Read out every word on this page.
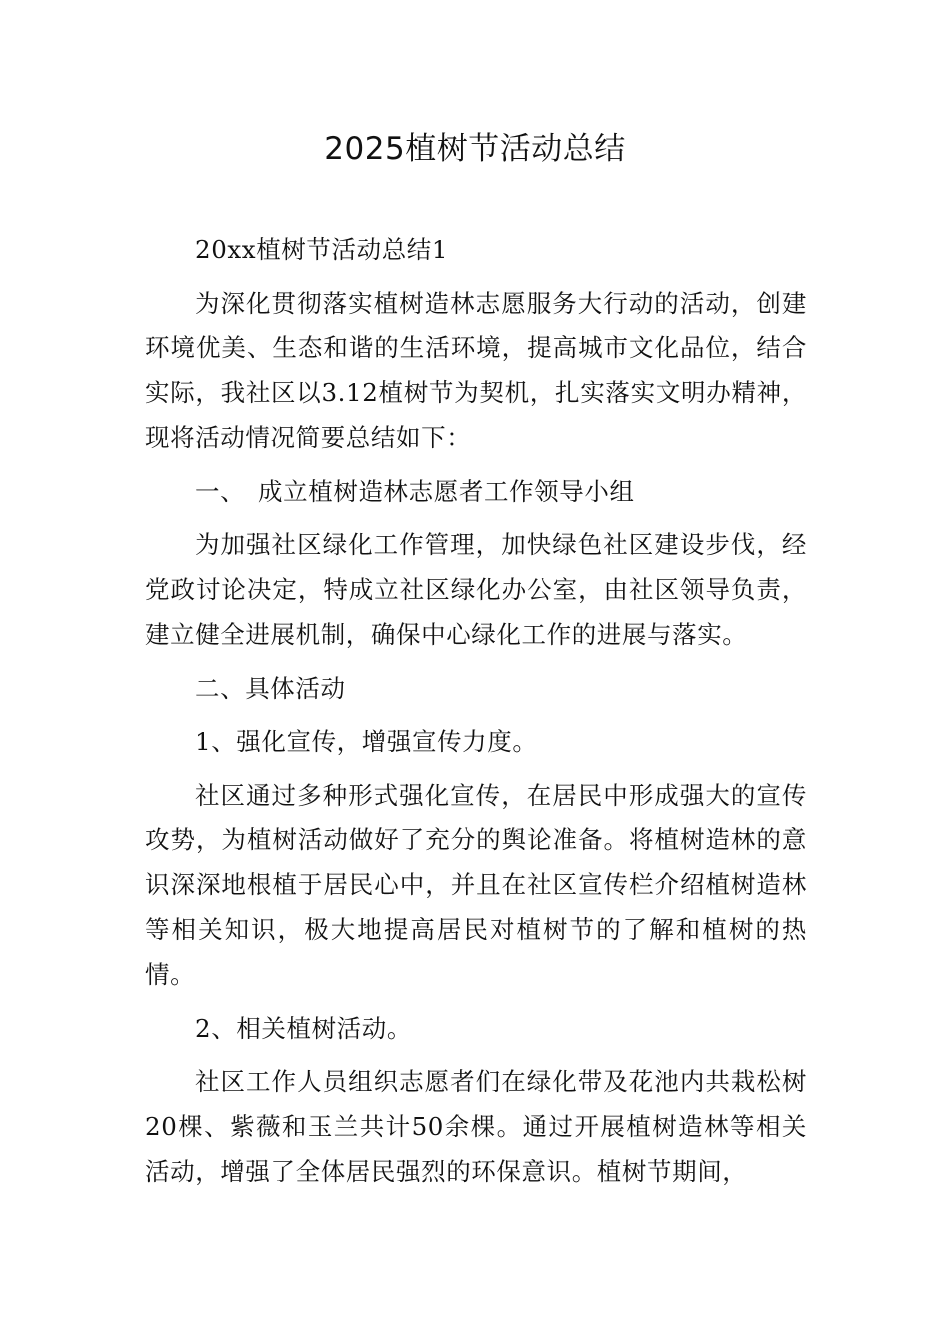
2025植树节活动总结

20xx植树节活动总结1

为深化贯彻落实植树造林志愿服务大行动的活动，创建环境优美、生态和谐的生活环境，提高城市文化品位，结合实际，我社区以3.12植树节为契机，扎实落实文明办精神，现将活动情况简要总结如下：

一、　成立植树造林志愿者工作领导小组

为加强社区绿化工作管理，加快绿色社区建设步伐，经党政讨论决定，特成立社区绿化办公室，由社区领导负责，建立健全进展机制，确保中心绿化工作的进展与落实。

二、具体活动

1、强化宣传，增强宣传力度。

社区通过多种形式强化宣传，在居民中形成强大的宣传攻势，为植树活动做好了充分的舆论准备。将植树造林的意识深深地根植于居民心中，并且在社区宣传栏介绍植树造林等相关知识，极大地提高居民对植树节的了解和植树的热情。

2、相关植树活动。

社区工作人员组织志愿者们在绿化带及花池内共栽松树20棵、紫薇和玉兰共计50余棵。通过开展植树造林等相关活动，增强了全体居民强烈的环保意识。植树节期间，
